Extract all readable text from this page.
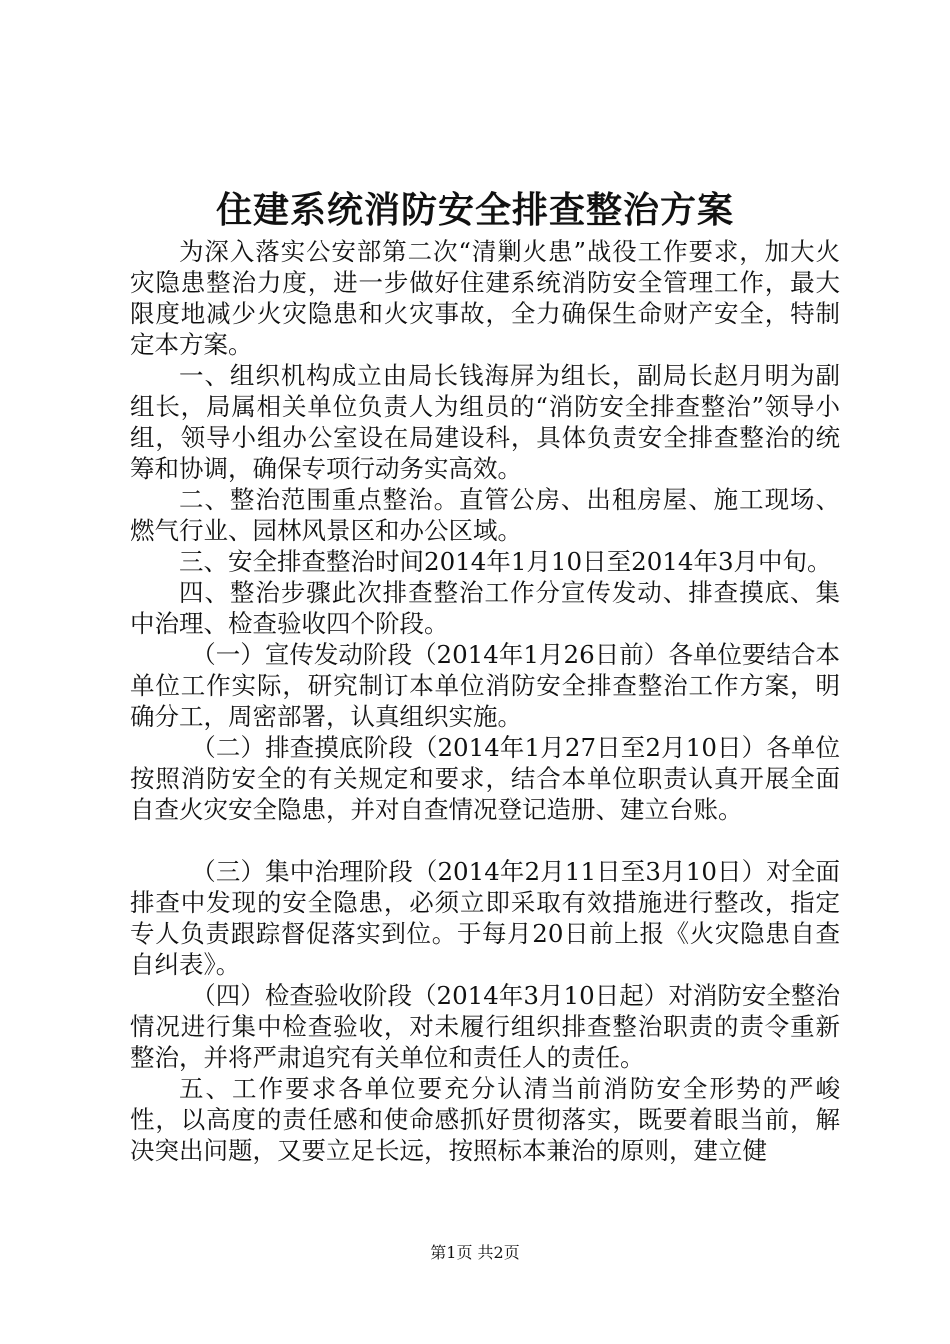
住建系统消防安全排查整治方案

为深入落实公安部第二次“清剿火患”战役工作要求，加大火灾隐患整治力度，进一步做好住建系统消防安全管理工作，最大限度地减少火灾隐患和火灾事故，全力确保生命财产安全，特制定本方案。

一、组织机构成立由局长钱海屏为组长，副局长赵月明为副组长，局属相关单位负责人为组员的“消防安全排查整治”领导小组，领导小组办公室设在局建设科，具体负责安全排查整治的统筹和协调，确保专项行动务实高效。

二、整治范围重点整治。直管公房、出租房屋、施工现场、燃气行业、园林风景区和办公区域。

三、安全排查整治时间2014年1月10日至2014年3月中旬。

四、整治步骤此次排查整治工作分宣传发动、排查摸底、集中治理、检查验收四个阶段。

（一）宣传发动阶段（2014年1月26日前）各单位要结合本单位工作实际，研究制订本单位消防安全排查整治工作方案，明确分工，周密部署，认真组织实施。

（二）排查摸底阶段（2014年1月27日至2月10日）各单位按照消防安全的有关规定和要求，结合本单位职责认真开展全面自查火灾安全隐患，并对自查情况登记造册、建立台账。

（三）集中治理阶段（2014年2月11日至3月10日）对全面排查中发现的安全隐患，必须立即采取有效措施进行整改，指定专人负责跟踪督促落实到位。于每月20日前上报《火灾隐患自查自纠表》。

（四）检查验收阶段（2014年3月10日起）对消防安全整治情况进行集中检查验收，对未履行组织排查整治职责的责令重新整治，并将严肃追究有关单位和责任人的责任。

五、工作要求各单位要充分认清当前消防安全形势的严峻性，以高度的责任感和使命感抓好贯彻落实，既要着眼当前，解决突出问题，又要立足长远，按照标本兼治的原则，建立健

第1页 共2页
